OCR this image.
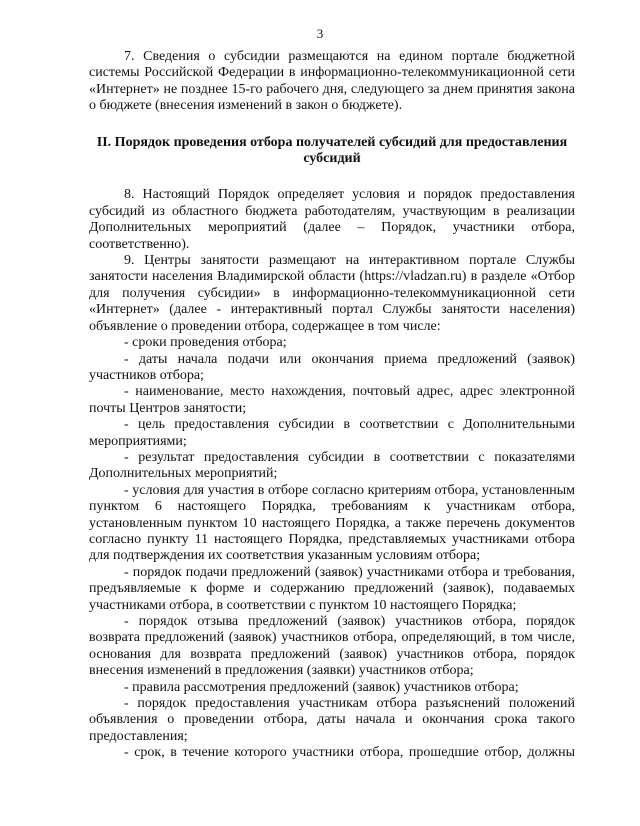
3

7. Сведения о субсидии размещаются на едином портале бюджетной системы Российской Федерации в информационно-телекоммуникационной сети «Интернет» не позднее 15-го рабочего дня, следующего за днем принятия закона о бюджете (внесения изменений в закон о бюджете).

II. Порядок проведения отбора получателей субсидий для предоставления субсидий

8. Настоящий Порядок определяет условия и порядок предоставления субсидий из областного бюджета работодателям, участвующим в реализации Дополнительных мероприятий (далее – Порядок, участники отбора, соответственно).

9. Центры занятости размещают на интерактивном портале Службы занятости населения Владимирской области (https://vladzan.ru) в разделе «Отбор для получения субсидии» в информационно-телекоммуникационной сети «Интернет» (далее - интерактивный портал Службы занятости населения) объявление о проведении отбора, содержащее в том числе:

- сроки проведения отбора;

- даты начала подачи или окончания приема предложений (заявок) участников отбора;

- наименование, место нахождения, почтовый адрес, адрес электронной почты Центров занятости;

- цель предоставления субсидии в соответствии с Дополнительными мероприятиями;

- результат предоставления субсидии в соответствии с показателями Дополнительных мероприятий;

- условия для участия в отборе согласно критериям отбора, установленным пунктом 6 настоящего Порядка, требованиям к участникам отбора, установленным пунктом 10 настоящего Порядка, а также перечень документов согласно пункту 11 настоящего Порядка, представляемых участниками отбора для подтверждения их соответствия указанным условиям отбора;

- порядок подачи предложений (заявок) участниками отбора и требования, предъявляемые к форме и содержанию предложений (заявок), подаваемых участниками отбора, в соответствии с пунктом 10 настоящего Порядка;

- порядок отзыва предложений (заявок) участников отбора, порядок возврата предложений (заявок) участников отбора, определяющий, в том числе, основания для возврата предложений (заявок) участников отбора, порядок внесения изменений в предложения (заявки) участников отбора;

- правила рассмотрения предложений (заявок) участников отбора;

- порядок предоставления участникам отбора разъяснений положений объявления о проведении отбора, даты начала и окончания срока такого предоставления;

- срок, в течение которого участники отбора, прошедшие отбор, должны
